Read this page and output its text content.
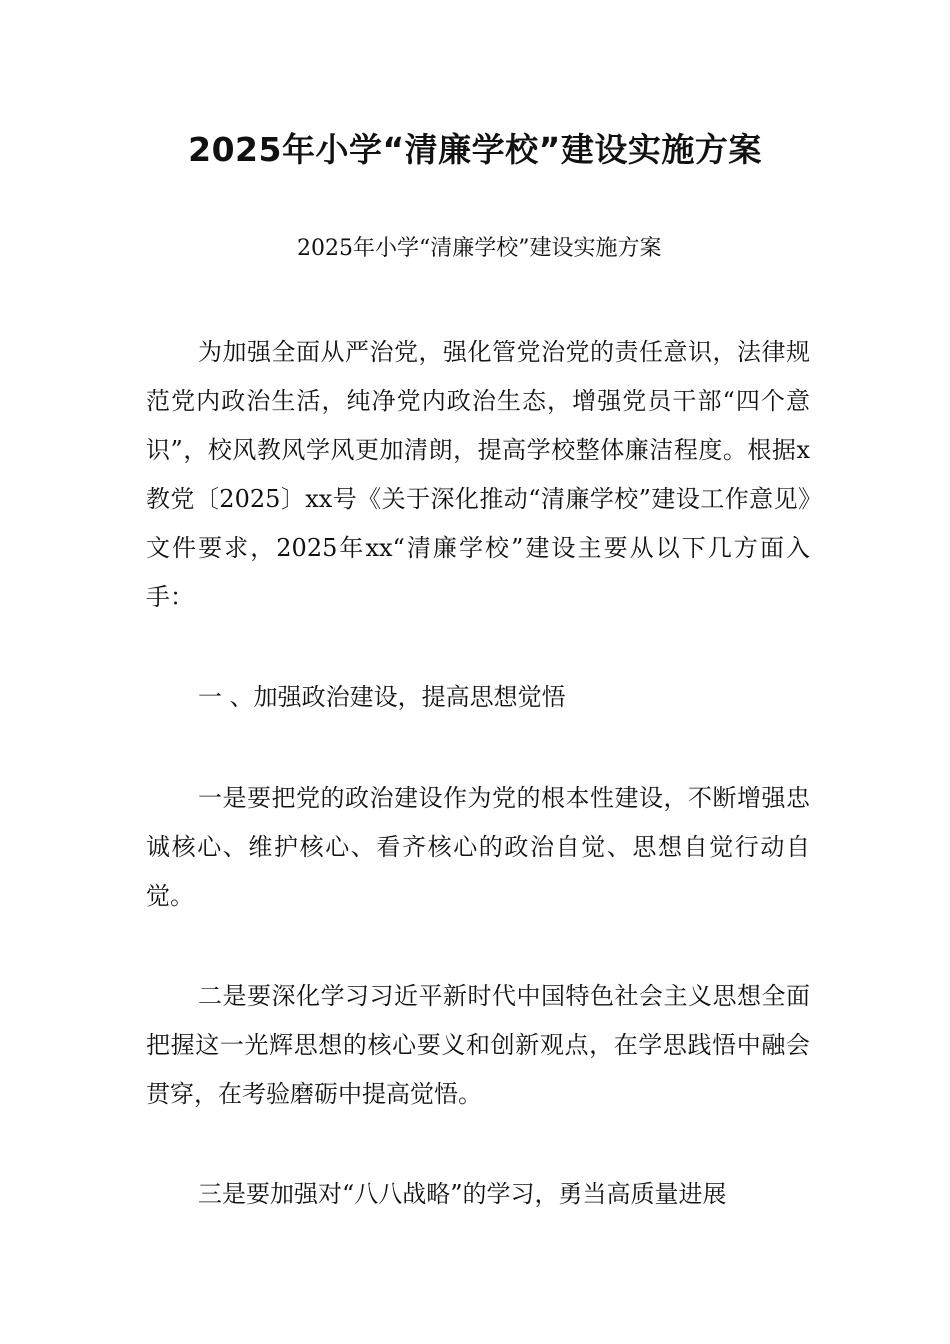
2025年小学“清廉学校”建设实施方案
2025年小学“清廉学校”建设实施方案

为加强全面从严治党，强化管党治党的责任意识，法律规范党内政治生活，纯净党内政治生态，增强党员干部“四个意识”，校风教风学风更加清朗，提高学校整体廉洁程度。根据x教党〔2025〕xx号《关于深化推动“清廉学校”建设工作意见》文件要求，2025年xx“清廉学校”建设主要从以下几方面入手：

一 、加强政治建设，提高思想觉悟

一是要把党的政治建设作为党的根本性建设，不断增强忠诚核心、维护核心、看齐核心的政治自觉、思想自觉行动自觉。

二是要深化学习习近平新时代中国特色社会主义思想全面把握这一光辉思想的核心要义和创新观点，在学思践悟中融会贯穿，在考验磨砺中提高觉悟。

三是要加强对“八八战略”的学习，勇当高质量进展
